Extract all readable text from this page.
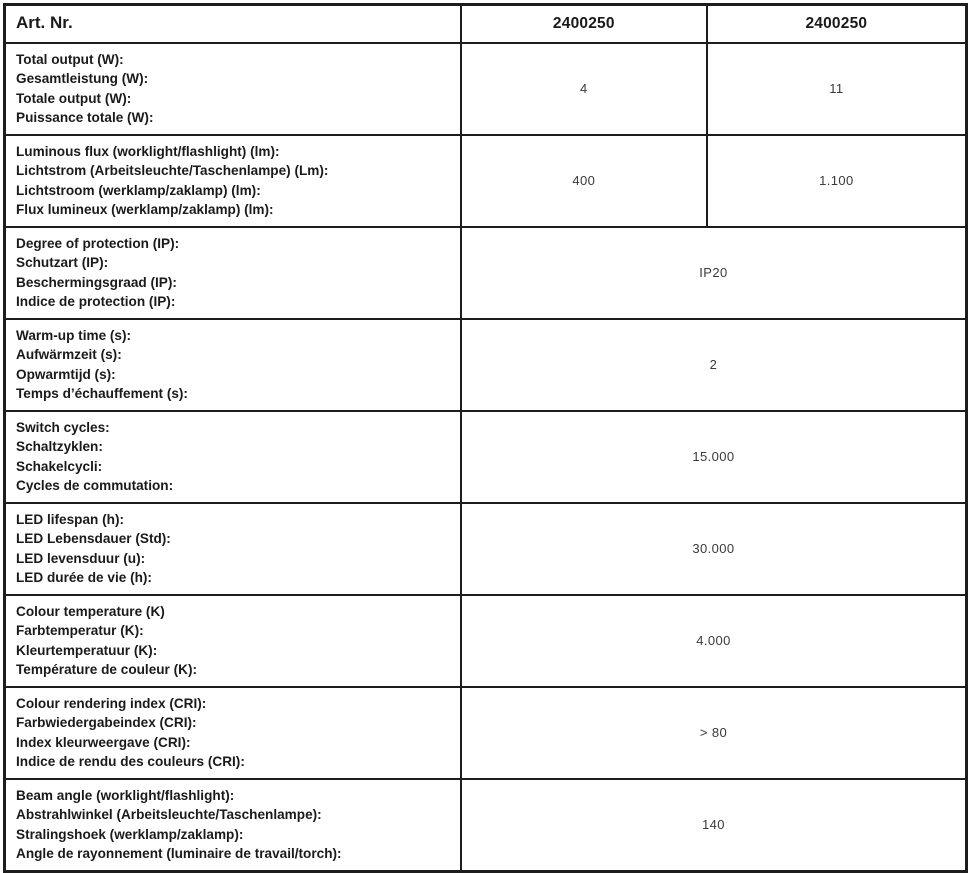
Art. Nr.	2400250	2400250

Total output (W):
Gesamtleistung (W):
Totale output (W):
Puissance totale (W):	4	11

Luminous flux (worklight/flashlight) (lm):
Lichtstrom (Arbeitsleuchte/Taschenlampe) (Lm):
Lichtstroom (werklamp/zaklamp) (lm):
Flux lumineux (werklamp/zaklamp) (lm):	400	1.100

Degree of protection (IP):
Schutzart (IP):
Beschermingsgraad (IP):
Indice de protection (IP):	IP20	

Warm-up time (s):
Aufwärmzeit (s):
Opwarmtijd (s):
Temps d’échauffement (s):	2	

Switch cycles:
Schaltzyklen:
Schakelcycli:
Cycles de commutation:	15.000	

LED lifespan (h):
LED Lebensdauer (Std):
LED levensduur (u):
LED durée de vie (h):	30.000	

Colour temperature (K)
Farbtemperatur (K):
Kleurtemperatuur (K):
Température de couleur (K):	4.000	

Colour rendering index (CRI):
Farbwiedergabeindex (CRI):
Index kleurweergave (CRI):
Indice de rendu des couleurs (CRI):	> 80	

Beam angle (worklight/flashlight):
Abstrahlwinkel (Arbeitsleuchte/Taschenlampe):
Stralingshoek (werklamp/zaklamp):
Angle de rayonnement (luminaire de travail/torch):	140	
